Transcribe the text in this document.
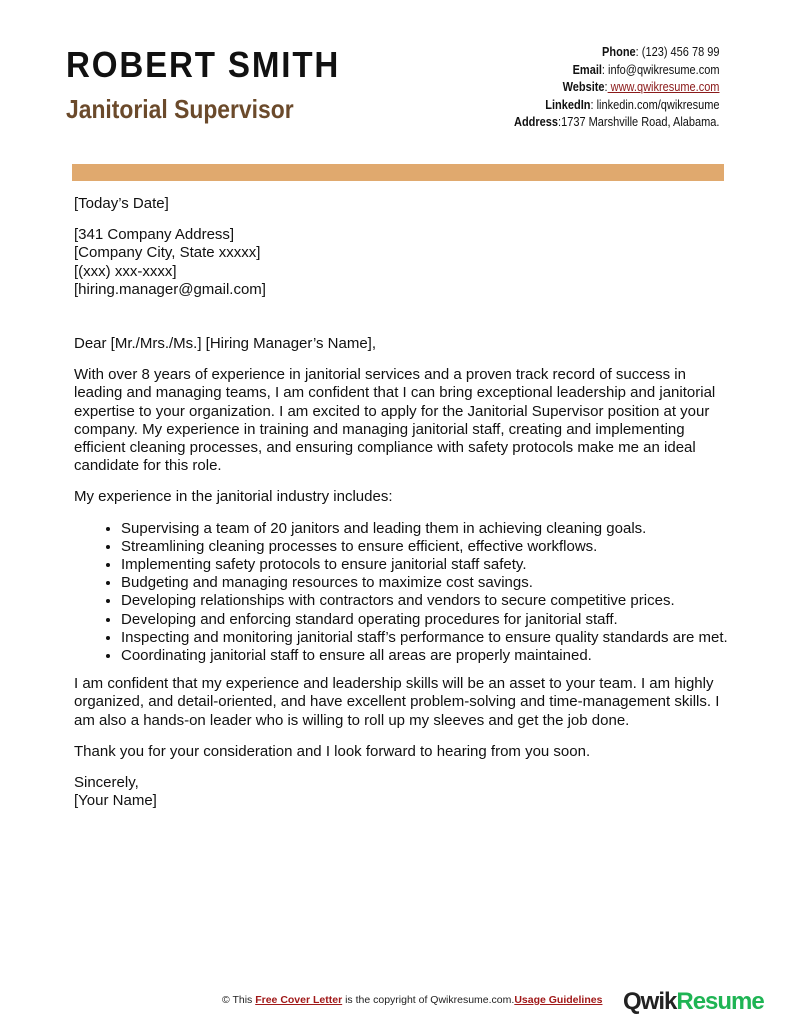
ROBERT SMITH
Janitorial Supervisor
Phone: (123) 456 78 99
Email: info@qwikresume.com
Website: www.qwikresume.com
LinkedIn: linkedin.com/qwikresume
Address:1737 Marshville Road, Alabama.

[Today’s Date]

[341 Company Address]
[Company City, State xxxxx]
[(xxx) xxx-xxxx]
[hiring.manager@gmail.com]

Dear [Mr./Mrs./Ms.] [Hiring Manager’s Name],

With over 8 years of experience in janitorial services and a proven track record of success in leading and managing teams, I am confident that I can bring exceptional leadership and janitorial expertise to your organization. I am excited to apply for the Janitorial Supervisor position at your company. My experience in training and managing janitorial staff, creating and implementing efficient cleaning processes, and ensuring compliance with safety protocols make me an ideal candidate for this role.

My experience in the janitorial industry includes:

• Supervising a team of 20 janitors and leading them in achieving cleaning goals.
• Streamlining cleaning processes to ensure efficient, effective workflows.
• Implementing safety protocols to ensure janitorial staff safety.
• Budgeting and managing resources to maximize cost savings.
• Developing relationships with contractors and vendors to secure competitive prices.
• Developing and enforcing standard operating procedures for janitorial staff.
• Inspecting and monitoring janitorial staff’s performance to ensure quality standards are met.
• Coordinating janitorial staff to ensure all areas are properly maintained.

I am confident that my experience and leadership skills will be an asset to your team. I am highly organized, and detail-oriented, and have excellent problem-solving and time-management skills. I am also a hands-on leader who is willing to roll up my sleeves and get the job done.

Thank you for your consideration and I look forward to hearing from you soon.

Sincerely,
[Your Name]

© This Free Cover Letter is the copyright of Qwikresume.com.Usage Guidelines QwikResume
